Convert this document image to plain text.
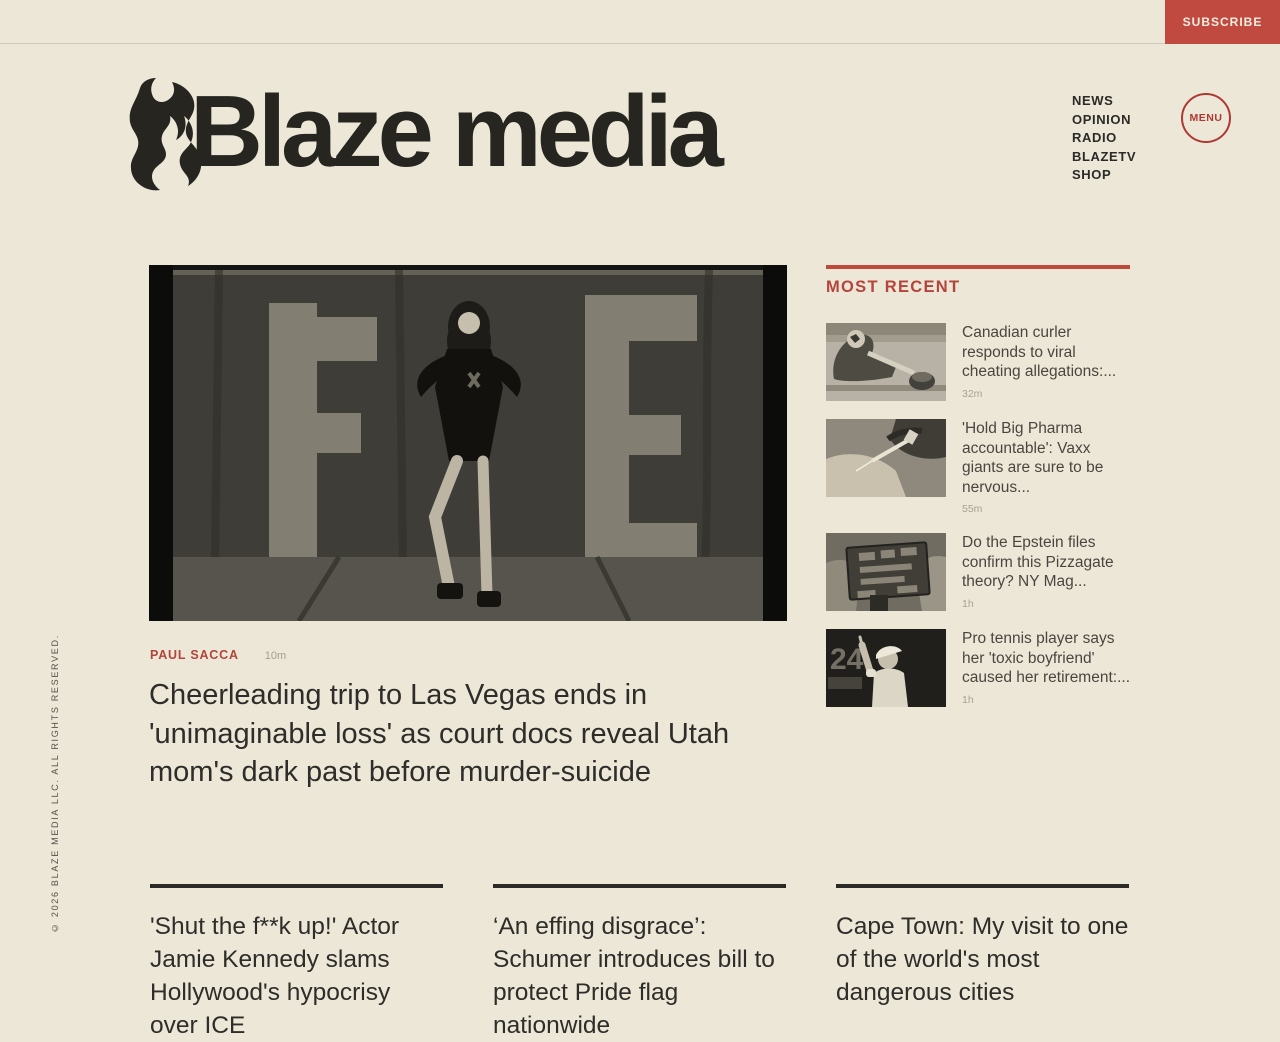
SUBSCRIBE
Blaze media	NEWS
OPINION
RADIO
BLAZETV
SHOP
MENU
PAUL SACCA 10m
Cheerleading trip to Las Vegas ends in 'unimaginable loss' as court docs reveal Utah mom's dark past before murder-suicide
MOST RECENT
Canadian curler responds to viral cheating allegations:...
32m
'Hold Big Pharma accountable': Vaxx giants are sure to be nervous...
55m
Do the Epstein files confirm this Pizzagate theory? NY Mag...
1h
24
Pro tennis player says her 'toxic boyfriend' caused her retirement:...
1h
'Shut the f**k up!' Actor Jamie Kennedy slams Hollywood's hypocrisy over ICE
‘An effing disgrace’: Schumer introduces bill to protect Pride flag nationwide
Cape Town: My visit to one of the world's most dangerous cities
© 2026 BLAZE MEDIA LLC. ALL RIGHTS RESERVED.
